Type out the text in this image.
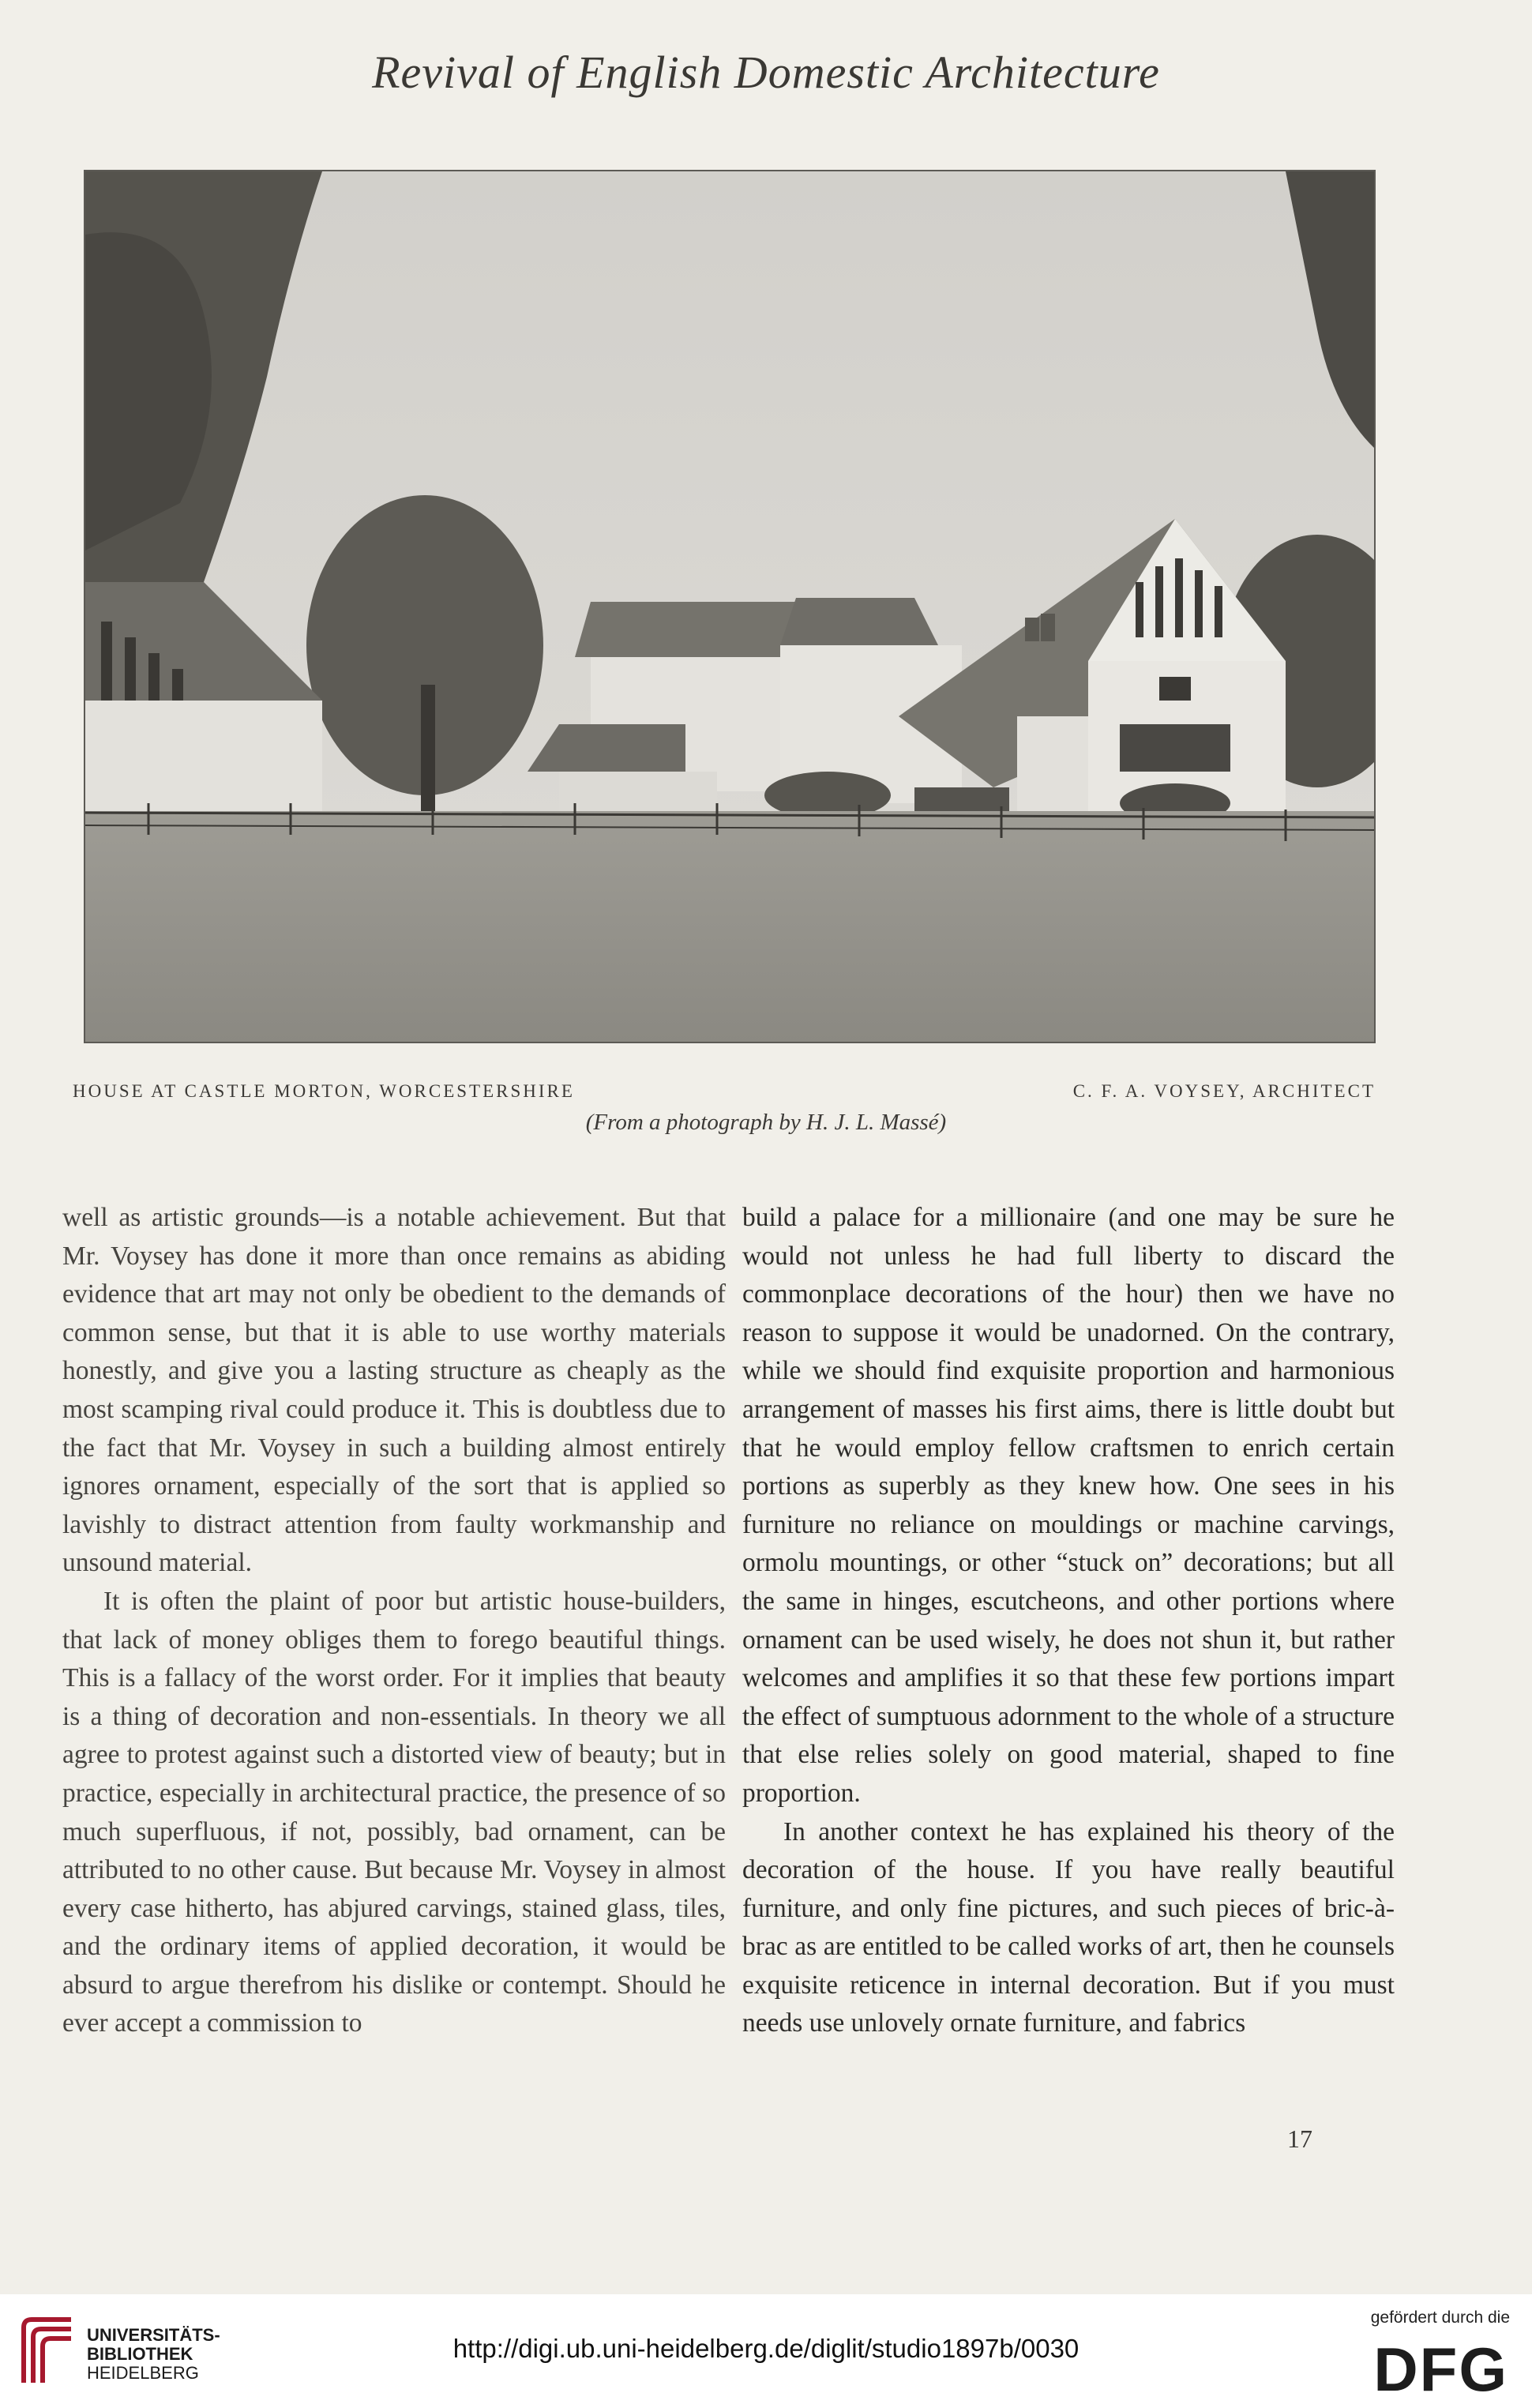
Revival of English Domestic Architecture
HOUSE AT CASTLE MORTON, WORCESTERSHIRE	C. F. A. VOYSEY, ARCHITECT
(From a photograph by H. J. L. Massé)

well as artistic grounds—is a notable achievement. But that Mr. Voysey has done it more than once remains as abiding evidence that art may not only be obedient to the demands of common sense, but that it is able to use worthy materials honestly, and give you a lasting structure as cheaply as the most scamping rival could produce it. This is doubtless due to the fact that Mr. Voysey in such a building almost entirely ignores ornament, especially of the sort that is applied so lavishly to distract attention from faulty workmanship and unsound material.

It is often the plaint of poor but artistic house-builders, that lack of money obliges them to forego beautiful things. This is a fallacy of the worst order. For it implies that beauty is a thing of decoration and non-essentials. In theory we all agree to protest against such a distorted view of beauty; but in practice, especially in architectural practice, the presence of so much superfluous, if not, possibly, bad ornament, can be attributed to no other cause. But because Mr. Voysey in almost every case hitherto, has abjured carvings, stained glass, tiles, and the ordinary items of applied decoration, it would be absurd to argue therefrom his dislike or contempt. Should he ever accept a commission to

build a palace for a millionaire (and one may be sure he would not unless he had full liberty to discard the commonplace decorations of the hour) then we have no reason to suppose it would be unadorned. On the contrary, while we should find exquisite proportion and harmonious arrangement of masses his first aims, there is little doubt but that he would employ fellow craftsmen to enrich certain portions as superbly as they knew how. One sees in his furniture no reliance on mouldings or machine carvings, ormolu mountings, or other “stuck on” decorations; but all the same in hinges, escutcheons, and other portions where ornament can be used wisely, he does not shun it, but rather welcomes and amplifies it so that these few portions impart the effect of sumptuous adornment to the whole of a structure that else relies solely on good material, shaped to fine proportion.

In another context he has explained his theory of the decoration of the house. If you have really beautiful furniture, and only fine pictures, and such pieces of bric-à-brac as are entitled to be called works of art, then he counsels exquisite reticence in internal decoration. But if you must needs use unlovely ornate furniture, and fabrics

17
UNIVERSITÄTS-
BIBLIOTHEK
HEIDELBERG
http://digi.ub.uni-heidelberg.de/diglit/studio1897b/0030
gefördert durch die
DFG
